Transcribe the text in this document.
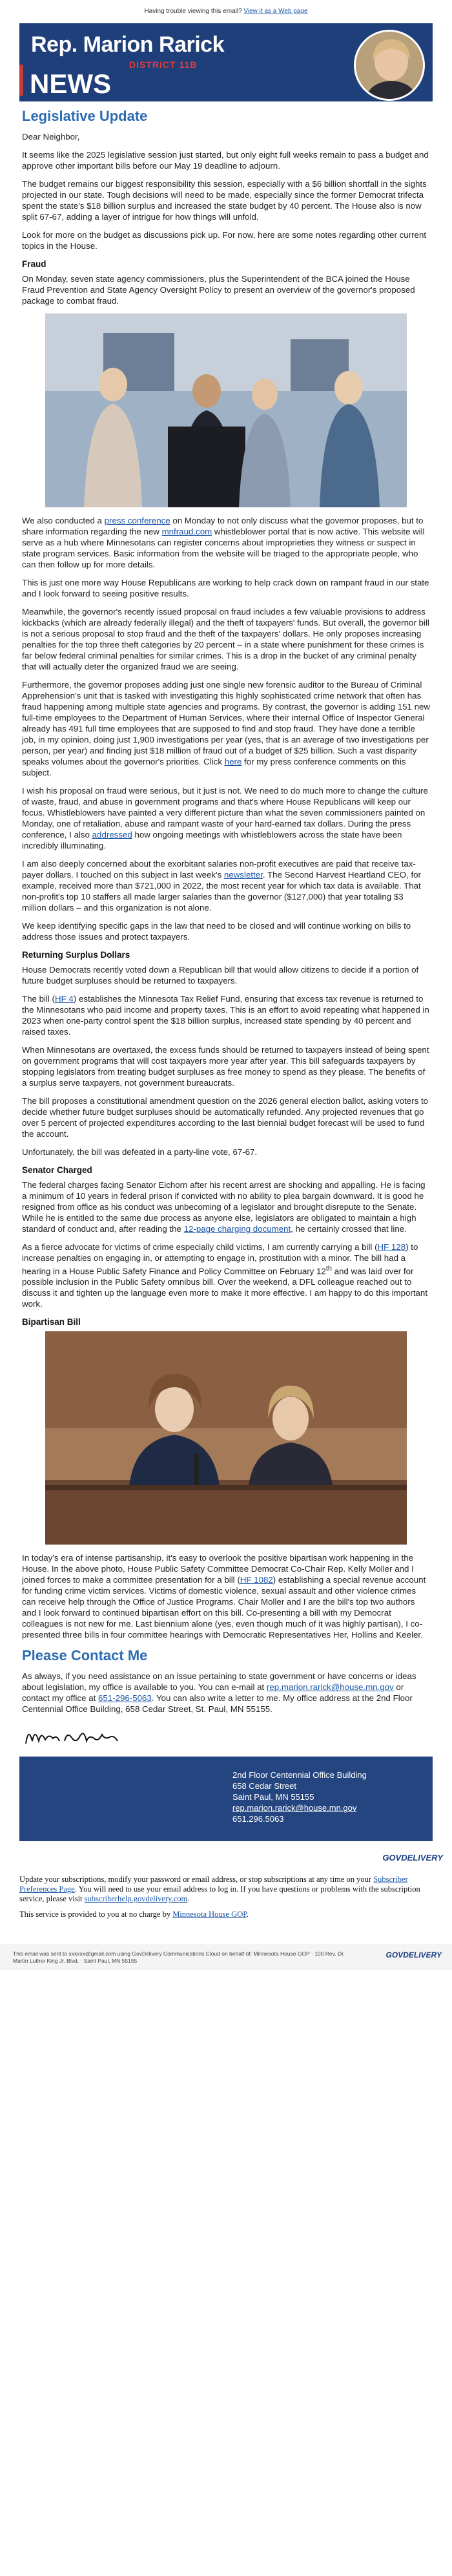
Having trouble viewing this email? View it as a Web page
Rep. Marion Rarick
DISTRICT 11B
NEWS
Legislative Update

Dear Neighbor,

It seems like the 2025 legislative session just started, but only eight full weeks remain to pass a budget and approve other important bills before our May 19 deadline to adjourn.

The budget remains our biggest responsibility this session, especially with a $6 billion shortfall in the sights projected in our state. Tough decisions will need to be made, especially since the former Democrat trifecta spent the state's $18 billion surplus and increased the state budget by 40 percent. The House also is now split 67-67, adding a layer of intrigue for how things will unfold.

Look for more on the budget as discussions pick up. For now, here are some notes regarding other current topics in the House.

Fraud

On Monday, seven state agency commissioners, plus the Superintendent of the BCA joined the House Fraud Prevention and State Agency Oversight Policy to present an overview of the governor's proposed package to combat fraud.

We also conducted a press conference on Monday to not only discuss what the governor proposes, but to share information regarding the new mnfraud.com whistleblower portal that is now active. This website will serve as a hub where Minnesotans can register concerns about improprieties they witness or suspect in state program services. Basic information from the website will be triaged to the appropriate people, who can then follow up for more details.

This is just one more way House Republicans are working to help crack down on rampant fraud in our state and I look forward to seeing positive results.

Meanwhile, the governor's recently issued proposal on fraud includes a few valuable provisions to address kickbacks (which are already federally illegal) and the theft of taxpayers' funds. But overall, the governor bill is not a serious proposal to stop fraud and the theft of the taxpayers' dollars. He only proposes increasing penalties for the top three theft categories by 20 percent – in a state where punishment for these crimes is far below federal criminal penalties for similar crimes. This is a drop in the bucket of any criminal penalty that will actually deter the organized fraud we are seeing.

Furthermore, the governor proposes adding just one single new forensic auditor to the Bureau of Criminal Apprehension's unit that is tasked with investigating this highly sophisticated crime network that often has fraud happening among multiple state agencies and programs. By contrast, the governor is adding 151 new full-time employees to the Department of Human Services, where their internal Office of Inspector General already has 491 full time employees that are supposed to find and stop fraud. They have done a terrible job, in my opinion, doing just 1,900 investigations per year (yes, that is an average of two investigations per person, per year) and finding just $18 million of fraud out of a budget of $25 billion. Such a vast disparity speaks volumes about the governor's priorities. Click here for my press conference comments on this subject.

I wish his proposal on fraud were serious, but it just is not. We need to do much more to change the culture of waste, fraud, and abuse in government programs and that's where House Republicans will keep our focus. Whistleblowers have painted a very different picture than what the seven commissioners painted on Monday, one of retaliation, abuse and rampant waste of your hard-earned tax dollars. During the press conference, I also addressed how ongoing meetings with whistleblowers across the state have been incredibly illuminating.

I am also deeply concerned about the exorbitant salaries non-profit executives are paid that receive tax-payer dollars. I touched on this subject in last week's newsletter. The Second Harvest Heartland CEO, for example, received more than $721,000 in 2022, the most recent year for which tax data is available. That non-profit's top 10 staffers all made larger salaries than the governor ($127,000) that year totaling $3 million dollars – and this organization is not alone.

We keep identifying specific gaps in the law that need to be closed and will continue working on bills to address those issues and protect taxpayers.

Returning Surplus Dollars

House Democrats recently voted down a Republican bill that would allow citizens to decide if a portion of future budget surpluses should be returned to taxpayers.

The bill (HF 4) establishes the Minnesota Tax Relief Fund, ensuring that excess tax revenue is returned to the Minnesotans who paid income and property taxes. This is an effort to avoid repeating what happened in 2023 when one-party control spent the $18 billion surplus, increased state spending by 40 percent and raised taxes.

When Minnesotans are overtaxed, the excess funds should be returned to taxpayers instead of being spent on government programs that will cost taxpayers more year after year. This bill safeguards taxpayers by stopping legislators from treating budget surpluses as free money to spend as they please. The benefits of a surplus serve taxpayers, not government bureaucrats.

The bill proposes a constitutional amendment question on the 2026 general election ballot, asking voters to decide whether future budget surpluses should be automatically refunded. Any projected revenues that go over 5 percent of projected expenditures according to the last biennial budget forecast will be used to fund the account.

Unfortunately, the bill was defeated in a party-line vote, 67-67.

Senator Charged

The federal charges facing Senator Eichorn after his recent arrest are shocking and appalling. He is facing a minimum of 10 years in federal prison if convicted with no ability to plea bargain downward. It is good he resigned from office as his conduct was unbecoming of a legislator and brought disrepute to the Senate. While he is entitled to the same due process as anyone else, legislators are obligated to maintain a high standard of conduct and, after reading the 12-page charging document, he certainly crossed that line.

As a fierce advocate for victims of crime especially child victims, I am currently carrying a bill (HF 128) to increase penalties on engaging in, or attempting to engage in, prostitution with a minor. The bill had a hearing in a House Public Safety Finance and Policy Committee on February 12th and was laid over for possible inclusion in the Public Safety omnibus bill. Over the weekend, a DFL colleague reached out to discuss it and tighten up the language even more to make it more effective. I am happy to do this important work.

Bipartisan Bill

In today's era of intense partisanship, it's easy to overlook the positive bipartisan work happening in the House. In the above photo, House Public Safety Committee Democrat Co-Chair Rep. Kelly Moller and I joined forces to make a committee presentation for a bill (HF 1082) establishing a special revenue account for funding crime victim services. Victims of domestic violence, sexual assault and other violence crimes can receive help through the Office of Justice Programs. Chair Moller and I are the bill's top two authors and I look forward to continued bipartisan effort on this bill. Co-presenting a bill with my Democrat colleagues is not new for me. Last biennium alone (yes, even though much of it was highly partisan), I co-presented three bills in four committee hearings with Democratic Representatives Her, Hollins and Keeler.

Please Contact Me

As always, if you need assistance on an issue pertaining to state government or have concerns or ideas about legislation, my office is available to you. You can e-mail at rep.marion.rarick@house.mn.gov or contact my office at 651-296-5063. You can also write a letter to me. My office address at the 2nd Floor Centennial Office Building, 658 Cedar Street, St. Paul, MN 55155.

2nd Floor Centennial Office Building
658 Cedar Street
Saint Paul, MN 55155
rep.marion.rarick@house.mn.gov
651.296.5063
GOVDELIVERY

Update your subscriptions, modify your password or email address, or stop subscriptions at any time on your Subscriber Preferences Page. You will need to use your email address to log in. If you have questions or problems with the subscription service, please visit subscriberhelp.govdelivery.com.

This service is provided to you at no charge by Minnesota House GOP.

This email was sent to xxxxxx@gmail.com using GovDelivery Communications Cloud on behalf of: Minnesota House GOP · 100 Rev. Dr. Martin Luther King Jr. Blvd. · Saint Paul, MN 55155
GOVDELIVERY
